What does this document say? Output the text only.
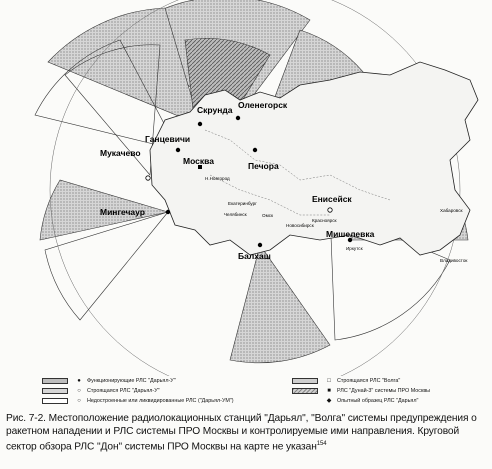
Оленегорск
Скрунда
Ганцевичи
Москва
Мукачево
Печора
Мингечаур
Балхаш
Енисейск
Мишелевка
Н.Новгород
Екатеринбург
Челябинск	Омск
Новосибирск
Красноярск
Иркутск
Хабаровск
Владивосток
●	Функционирующие РЛС "Дарьял-У"
○	Строящаяся РЛС "Дарьял-У"
○	Недостроенные или ликвидированные РЛС ("Дарьял-УМ")
□	Строящаяся РЛС "Волга"
■	РЛС "Дунай-3" системы ПРО Москвы
◆	Опытный образец РЛС "Дарьял"
Рис. 7-2. Местоположение радиолокационных станций "Дарьял", "Волга" системы предупреждения о ракетном нападении и РЛС системы ПРО Москвы и контролируемые ими направления. Круговой сектор обзора РЛС "Дон" системы ПРО Москвы на карте не указан$^{154}$
